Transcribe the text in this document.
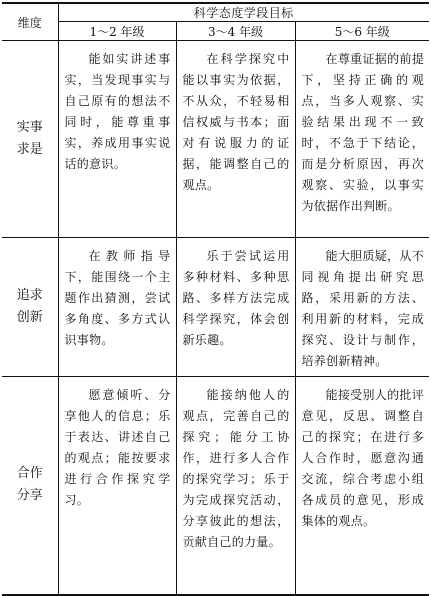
维度	科学态度学段目标		
	1～2 年级	3～4 年级	5～6 年级
实事求是	能如实讲述事实，当发现事实与自己原有的想法不同时，能尊重事实，养成用事实说话的意识。	在科学探究中能以事实为依据，不从众，不轻易相信权威与书本；面对有说服力的证据，能调整自己的观点。	在尊重证据的前提下，坚持正确的观点，当多人观察、实验结果出现不一致时，不急于下结论，而是分析原因，再次观察、实验，以事实为依据作出判断。
追求创新	在教师指导下，能围绕一个主题作出猜测，尝试多角度、多方式认识事物。	乐于尝试运用多种材料、多种思路、多样方法完成科学探究，体会创新乐趣。	能大胆质疑，从不同视角提出研究思路，采用新的方法、利用新的材料，完成探究、设计与制作，培养创新精神。
合作分享	愿意倾听、分享他人的信息；乐于表达、讲述自己的观点；能按要求进行合作探究学习。	能接纳他人的观点，完善自己的探究；能分工协作，进行多人合作的探究学习；乐于为完成探究活动，分享彼此的想法，贡献自己的力量。	能接受别人的批评意见，反思、调整自己的探究；在进行多人合作时，愿意沟通交流，综合考虑小组各成员的意见，形成集体的观点。
